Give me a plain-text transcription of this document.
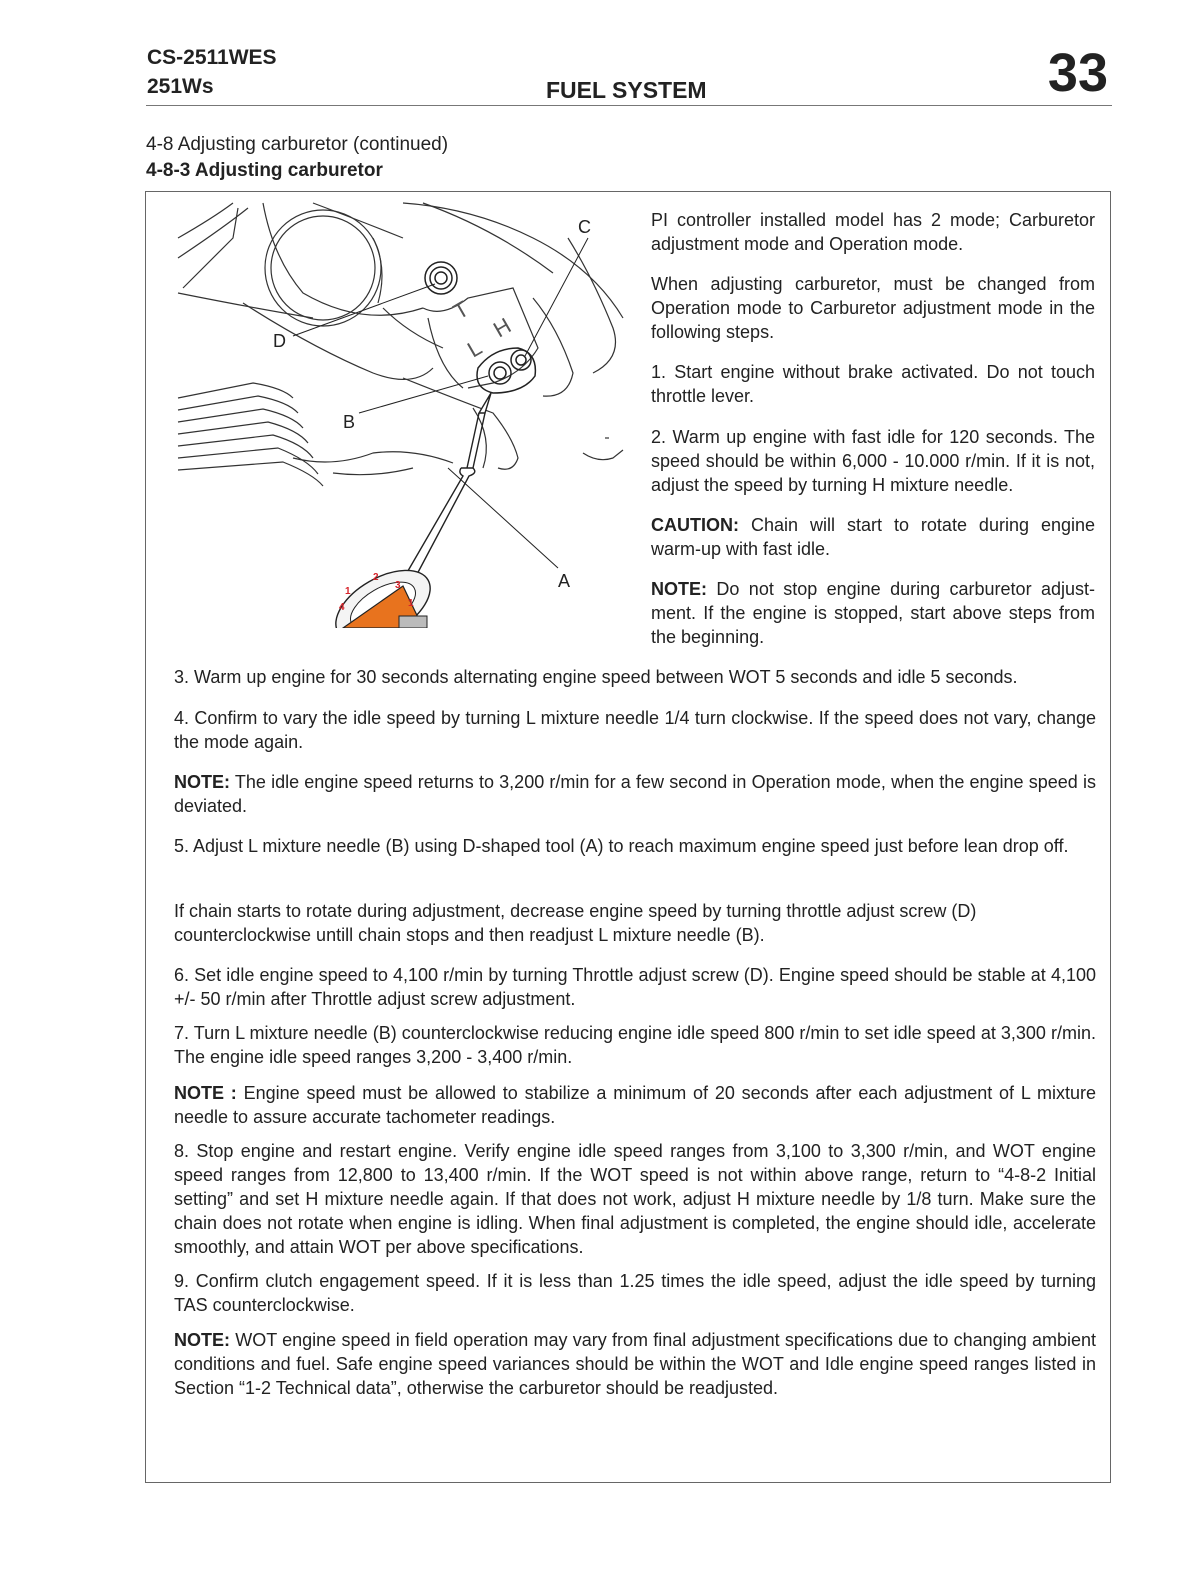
CS-2511WES
251Ws	FUEL SYSTEM	33
4-8 Adjusting carburetor (continued)
4-8-3 Adjusting carburetor
T
L
H
1
2
3
4	1
C
D
B
A

PI controller installed model has 2 mode; Carburetor adjustment mode and Operation mode.

When adjusting carburetor, must be changed from Operation mode to Carburetor adjustment mode in the following steps.

1. Start engine without brake activated. Do not touch throttle lever.

2. Warm up engine with fast idle for 120 seconds. The speed should be within 6,000 - 10.000 r/min. If it is not, adjust the speed by turning H mixture needle.

CAUTION: Chain will start to rotate during engine warm-up with fast idle.

NOTE: Do not stop engine during carburetor adjustment. If the engine is stopped, start above steps from the beginning.

3. Warm up engine for 30 seconds alternating engine speed between WOT 5 seconds and idle 5 seconds.

4. Confirm to vary the idle speed by turning L mixture needle 1/4 turn clockwise. If the speed does not vary, change the mode again.

NOTE: The idle engine speed returns to 3,200 r/min for a few second in Operation mode, when the engine speed is deviated.

5. Adjust L mixture needle (B) using D-shaped tool (A) to reach maximum engine speed just before lean drop off.

If chain starts to rotate during adjustment, decrease engine speed by turning throttle adjust screw (D) counterclockwise untill chain stops and then readjust L mixture needle (B).

6. Set idle engine speed to 4,100 r/min by turning Throttle adjust screw (D). Engine speed should be stable at 4,100 +/- 50 r/min after Throttle adjust screw adjustment.

7. Turn L mixture needle (B) counterclockwise reducing engine idle speed 800 r/min to set idle speed at 3,300 r/min. The engine idle speed ranges 3,200 - 3,400 r/min.

NOTE : Engine speed must be allowed to stabilize a minimum of 20 seconds after each adjustment of L mixture needle to assure accurate tachometer readings.

8. Stop engine and restart engine. Verify engine idle speed ranges from 3,100 to 3,300 r/min, and WOT engine speed ranges from 12,800 to 13,400 r/min. If the WOT speed is not within above range, return to “4-8-2 Initial setting” and set H mixture needle again. If that does not work, adjust H mixture needle by 1/8 turn. Make sure the chain does not rotate when engine is idling. When final adjustment is completed, the engine should idle, accelerate smoothly, and attain WOT per above specifications.

9. Confirm clutch engagement speed. If it is less than 1.25 times the idle speed, adjust the idle speed by turning TAS counterclockwise.

NOTE: WOT engine speed in field operation may vary from final adjustment specifications due to changing ambient conditions and fuel. Safe engine speed variances should be within the WOT and Idle engine speed ranges listed in Section “1-2 Technical data”, otherwise the carburetor should be readjusted.
